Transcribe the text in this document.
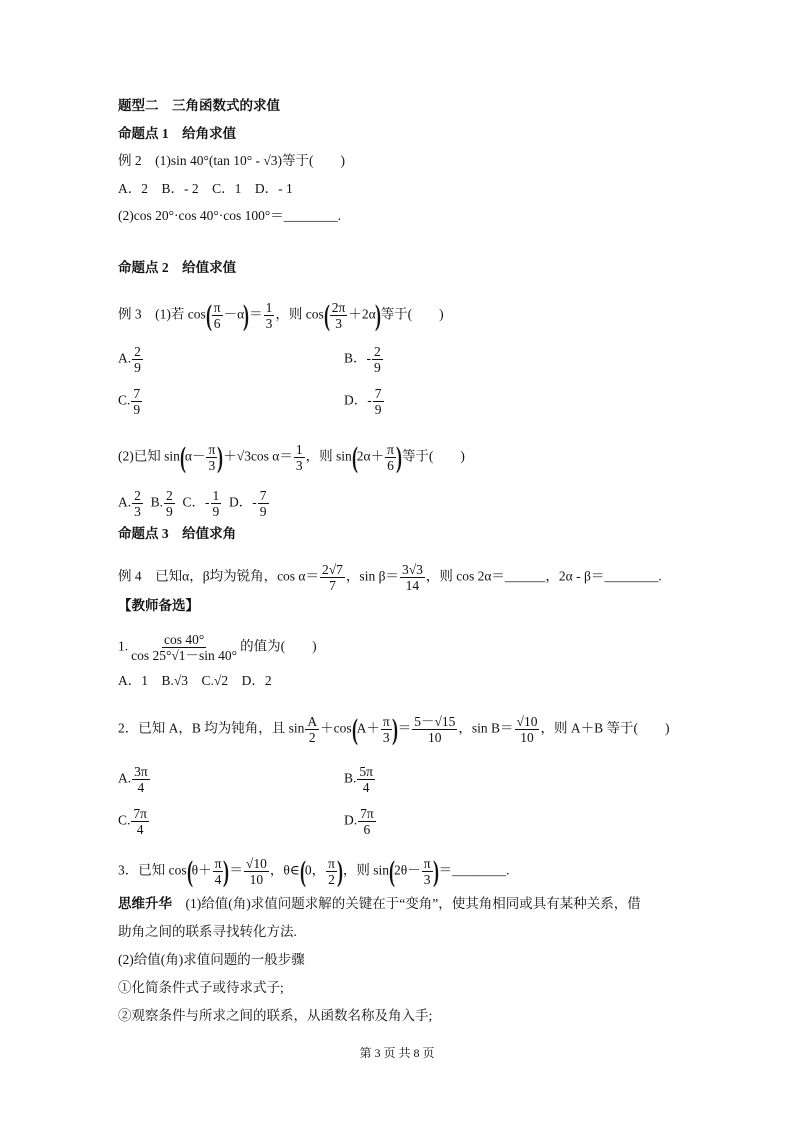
题型二　三角函数式的求值
命题点 1　给角求值
例 2　(1)sin 40°(tan 10° - √3)等于(　　)
A．2　B．- 2　C．1　D．- 1
(2)cos 20°·cos 40°·cos 100°＝________.
命题点 2　给值求值
例 3　 (1)若 $\cos( \frac{\pi}{6} -\alpha)= \frac{1}{3}$ ，则 $\cos( \frac{2\pi}{3} +2\alpha)$等于(　　)
A. $\frac{2}{9}$	B．- $\frac{2}{9}$
C. $\frac{7}{9}$	D．- $\frac{7}{9}$
(2)已知 $\sin(\alpha- \frac{\pi}{3} )+√3\cos$ $\alpha= \frac{1}{3}$ ，则 $\sin(2\alpha+ \frac{\pi}{6}$ )等于(　　)
A. $\frac{2}{3} B$. $\frac{2}{9}$ C．- $\frac{1}{9}$ D．- $\frac{7}{9}$
命题点 3　给值求角
例 4　已知α，β均为锐角，$\cos \alpha= \frac{2√7}{7}$ ，$\sin \beta= \frac{3√3}{14}$ ，则 cos 2α＝______，2α - β＝________.
【教师备选】
1. $\frac{\cos 40^\circ}{\cos 25^\circ√1-\sin 40^\circ}$ 的值为(　　)
A．1　B.√3　C.√2　D．2
2．已知 A，B 均为钝角，且 $\sin \frac{A}{2} +\cos(A+ \frac{\pi}{3}$ )＝ $\frac{5-√15}{10}$ ，$\sin B= \frac{√10}{10}$ ，则 A＋B 等于(　　)
A. $\frac{3\pi}{4}$	B. $\frac{5\pi}{4}$
C. $\frac{7\pi}{4}$	D. $\frac{7\pi}{6}$
3．已知 $\cos(\theta+ \frac{\pi}{4}$ )＝ $\frac{√10}{10}$ ，θ∈(0， $\frac{\pi}{2}$ )，则 $\sin(2\theta- \frac{\pi}{3}$ )＝________.
思维升华　 (1)给值(角)求值问题求解的关键在于“变角”，使其角相同或具有某种关系，借
助角之间的联系寻找转化方法.
(2)给值(角)求值问题的一般步骤
①化简条件式子或待求式子;
②观察条件与所求之间的联系，从函数名称及角入手;
第 3 页 共 8 页
